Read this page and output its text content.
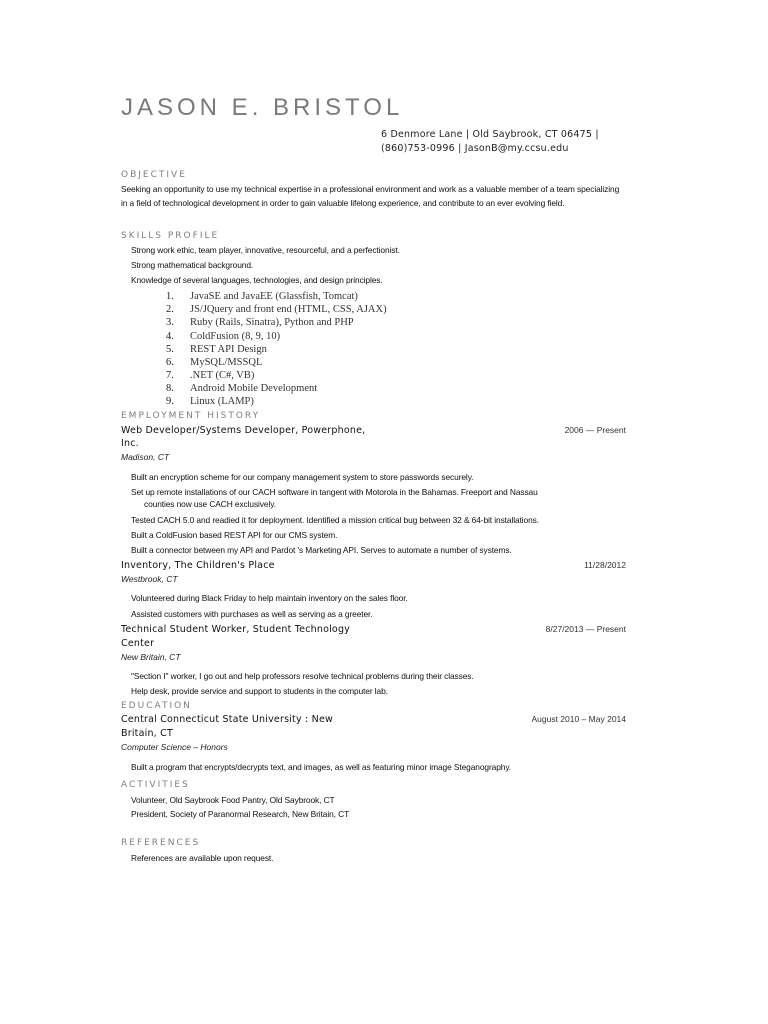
JASON E. BRISTOL
6 Denmore Lane | Old Saybrook, CT 06475 |
(860)753-0996 | JasonB@my.ccsu.edu
OBJECTIVE
Seeking an opportunity to use my technical expertise in a professional environment and work as a valuable member of a team specializing in a field of technological development in order to gain valuable lifelong experience, and contribute to an ever evolving field.
SKILLS PROFILE
Strong work ethic, team player, innovative, resourceful, and a perfectionist.
Strong mathematical background.
Knowledge of several languages, technologies, and design principles.
1. JavaSE and JavaEE (Glassfish, Tomcat)
2. JS/JQuery and front end (HTML, CSS, AJAX)
3. Ruby (Rails, Sinatra), Python and PHP
4. ColdFusion (8, 9, 10)
5. REST API Design
6. MySQL/MSSQL
7. .NET (C#, VB)
8. Android Mobile Development
9. Linux (LAMP)
EMPLOYMENT HISTORY
Web Developer/Systems Developer, Powerphone,
Inc.
2006 — Present
Madison, CT
Built an encryption scheme for our company management system to store passwords securely.
Set up remote installations of our CACH software in tangent with Motorola in the Bahamas. Freeport and Nassau
counties now use CACH exclusively.
Tested CACH 5.0 and readied it for deployment. Identified a mission critical bug between 32 & 64-bit installations.
Built a ColdFusion based REST API for our CMS system.
Built a connector between my API and Pardot 's Marketing API. Serves to automate a number of systems.
Inventory, The Children's Place	11/28/2012
Westbrook, CT
Volunteered during Black Friday to help maintain inventory on the sales floor.
Assisted customers with purchases as well as serving as a greeter.
Technical Student Worker, Student Technology
Center
8/27/2013 — Present
New Britain, CT
"Section I" worker, I go out and help professors resolve technical problems during their classes.
Help desk, provide service and support to students in the computer lab.
EDUCATION
Central Connecticut State University : New
Britain, CT
August 2010 – May 2014
Computer Science – Honors
Built a program that encrypts/decrypts text, and images, as well as featuring minor image Steganography.
ACTIVITIES
Volunteer, Old Saybrook Food Pantry, Old Saybrook, CT
President, Society of Paranormal Research, New Britain, CT
REFERENCES
References are available upon request.
